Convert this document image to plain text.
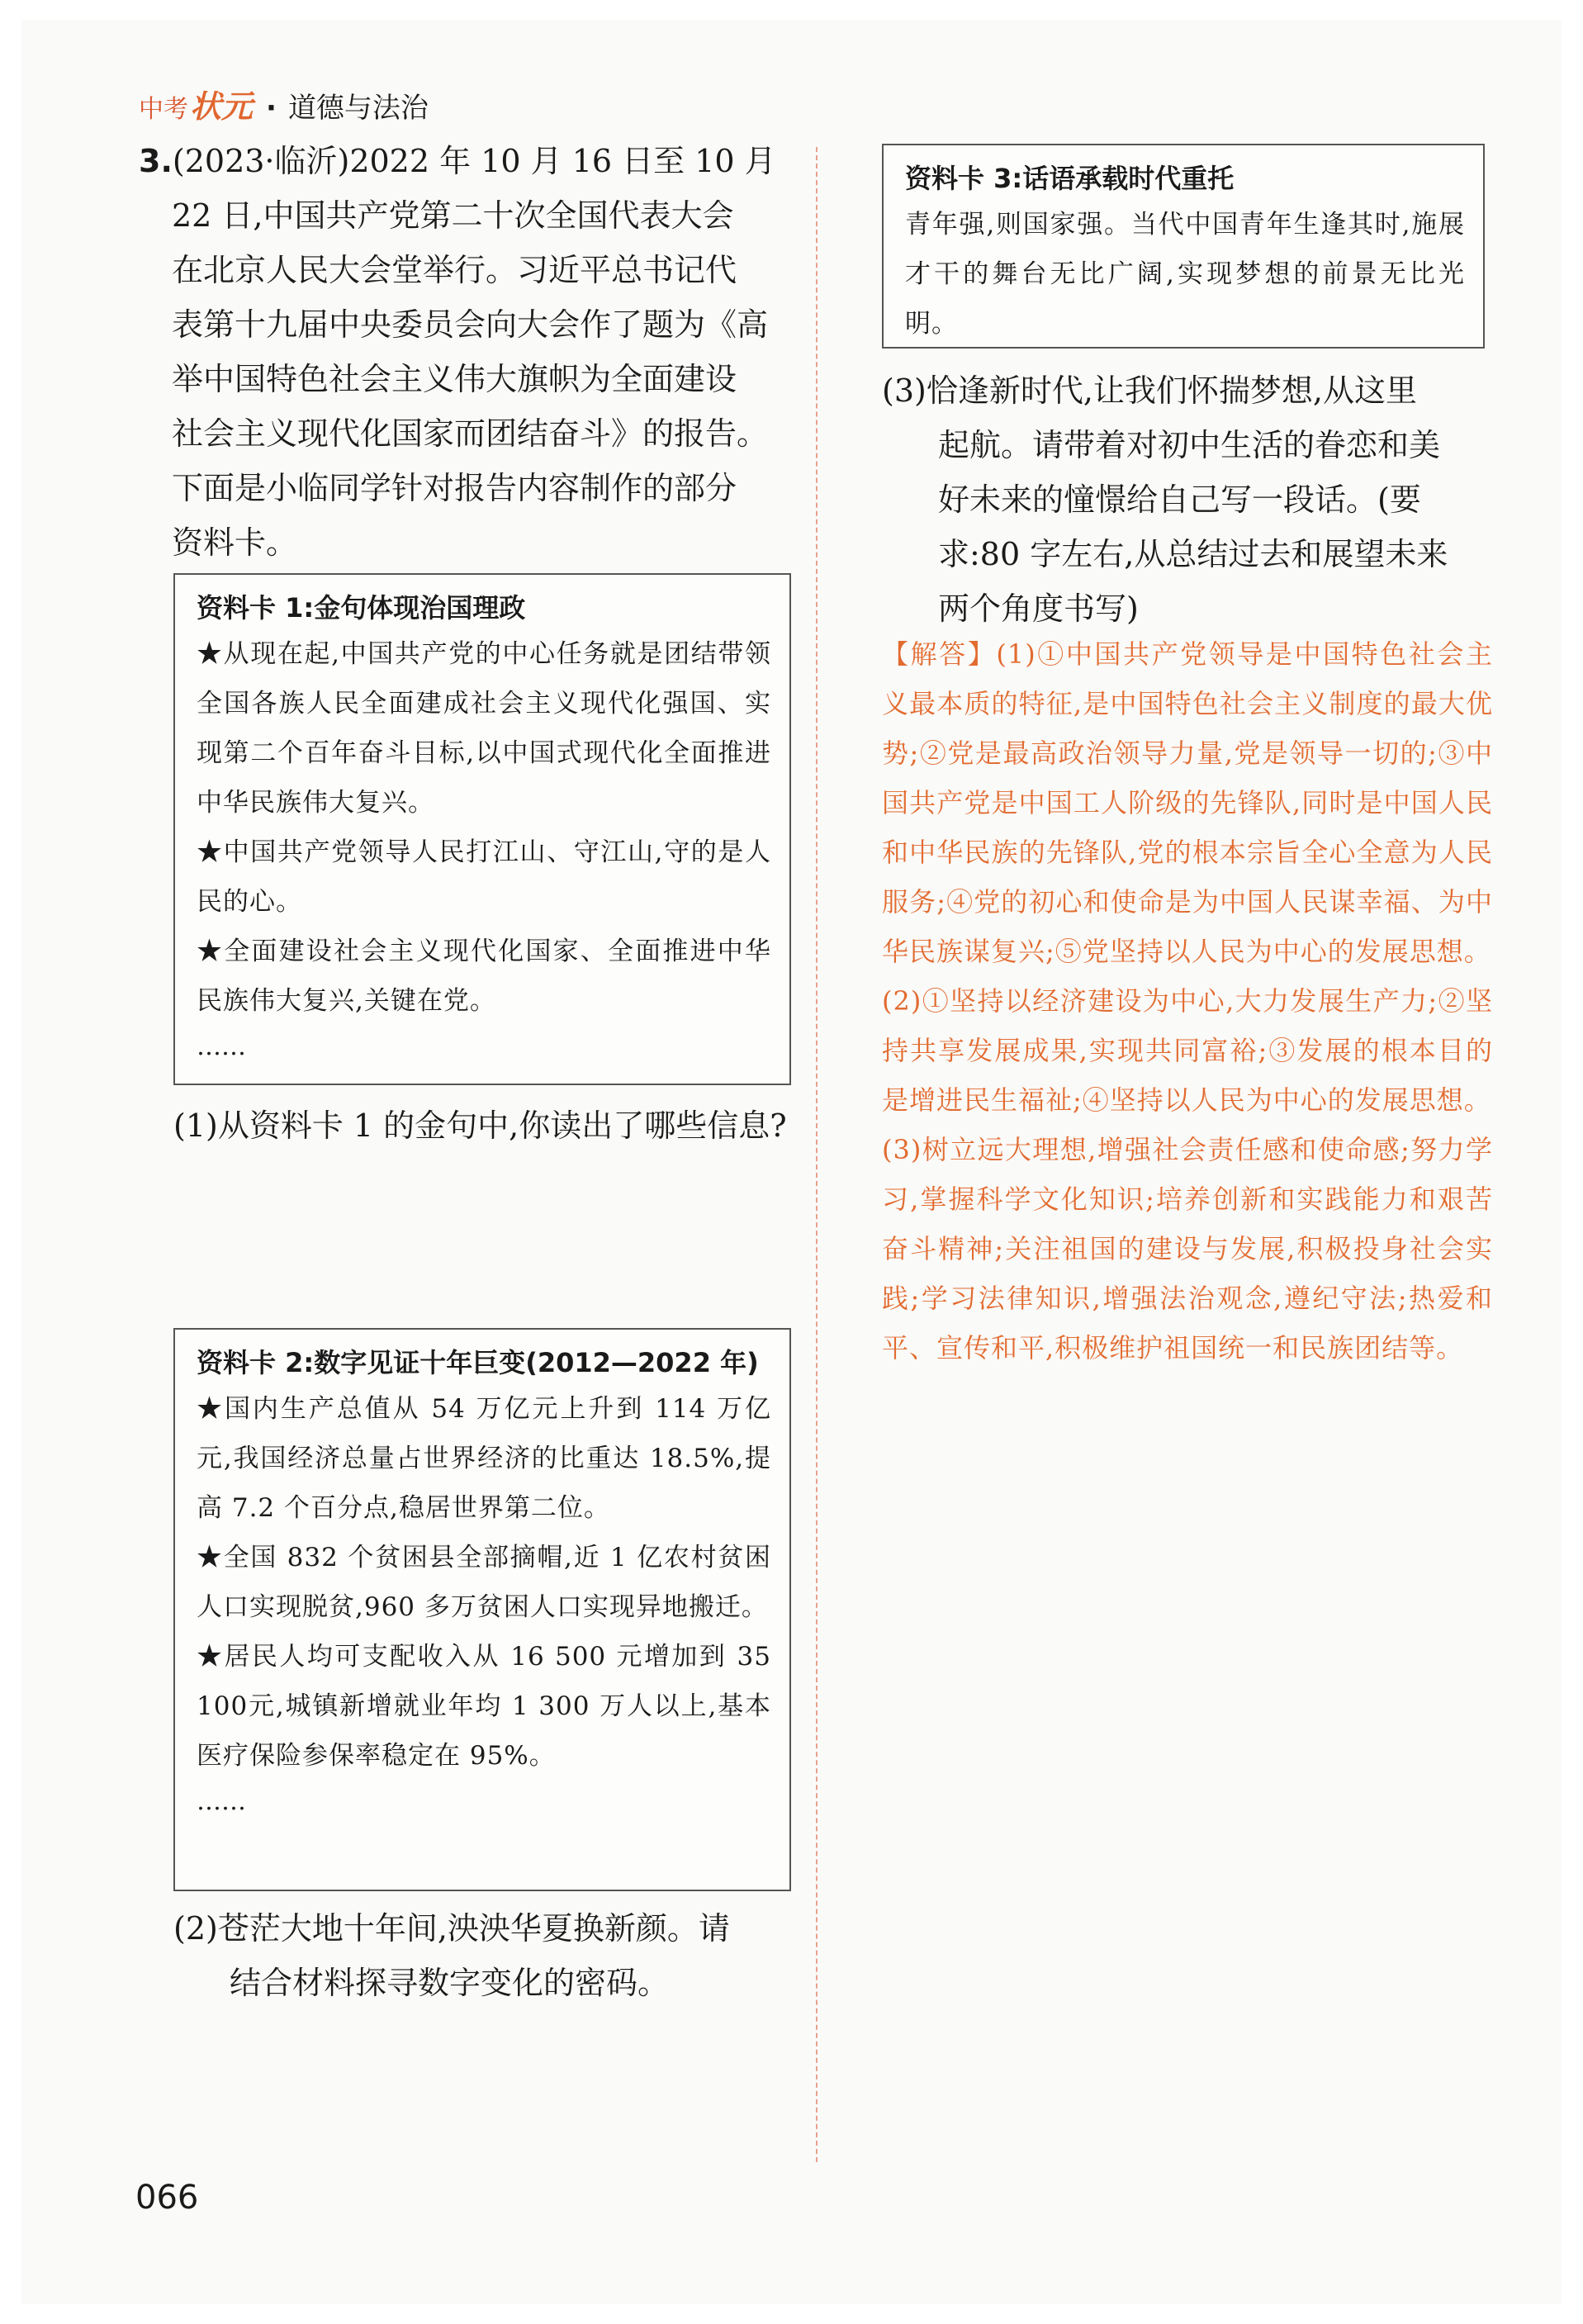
中考 状元 · 道德与法治
3.(2023·临沂)2022 年 10 月 16 日至 10 月
22 日,中国共产党第二十次全国代表大会
在北京人民大会堂举行。习近平总书记代
表第十九届中央委员会向大会作了题为《高
举中国特色社会主义伟大旗帜为全面建设
社会主义现代化国家而团结奋斗》的报告。
下面是小临同学针对报告内容制作的部分
资料卡。
资料卡 1:金句体现治国理政

★从现在起,中国共产党的中心任务就是团结带领全国各族人民全面建成社会主义现代化强国、实现第二个百年奋斗目标,以中国式现代化全面推进中华民族伟大复兴。

★中国共产党领导人民打江山、守江山,守的是人民的心。

★全面建设社会主义现代化国家、全面推进中华民族伟大复兴,关键在党。

……
(1)从资料卡 1 的金句中,你读出了哪些信息?
资料卡 2:数字见证十年巨变(2012—2022 年)

★国内生产总值从 54 万亿元上升到 114 万亿元,我国经济总量占世界经济的比重达 18.5%,提高 7.2 个百分点,稳居世界第二位。

★全国 832 个贫困县全部摘帽,近 1 亿农村贫困人口实现脱贫,960 多万贫困人口实现异地搬迁。

★居民人均可支配收入从 16 500 元增加到 35 100元,城镇新增就业年均 1 300 万人以上,基本医疗保险参保率稳定在 95%。

……
(2)苍茫大地十年间,泱泱华夏换新颜。请
结合材料探寻数字变化的密码。
资料卡 3:话语承载时代重托

青年强,则国家强。当代中国青年生逢其时,施展才干的舞台无比广阔,实现梦想的前景无比光明。

(3)恰逢新时代,让我们怀揣梦想,从这里
起航。请带着对初中生活的眷恋和美
好未来的憧憬给自己写一段话。(要
求:80 字左右,从总结过去和展望未来
两个角度书写)

【解答】(1)①中国共产党领导是中国特色社会主义最本质的特征,是中国特色社会主义制度的最大优势;②党是最高政治领导力量,党是领导一切的;③中国共产党是中国工人阶级的先锋队,同时是中国人民和中华民族的先锋队,党的根本宗旨全心全意为人民服务;④党的初心和使命是为中国人民谋幸福、为中华民族谋复兴;⑤党坚持以人民为中心的发展思想。

(2)①坚持以经济建设为中心,大力发展生产力;②坚持共享发展成果,实现共同富裕;③发展的根本目的是增进民生福祉;④坚持以人民为中心的发展思想。

(3)树立远大理想,增强社会责任感和使命感;努力学习,掌握科学文化知识;培养创新和实践能力和艰苦奋斗精神;关注祖国的建设与发展,积极投身社会实践;学习法律知识,增强法治观念,遵纪守法;热爱和平、宣传和平,积极维护祖国统一和民族团结等。

066
